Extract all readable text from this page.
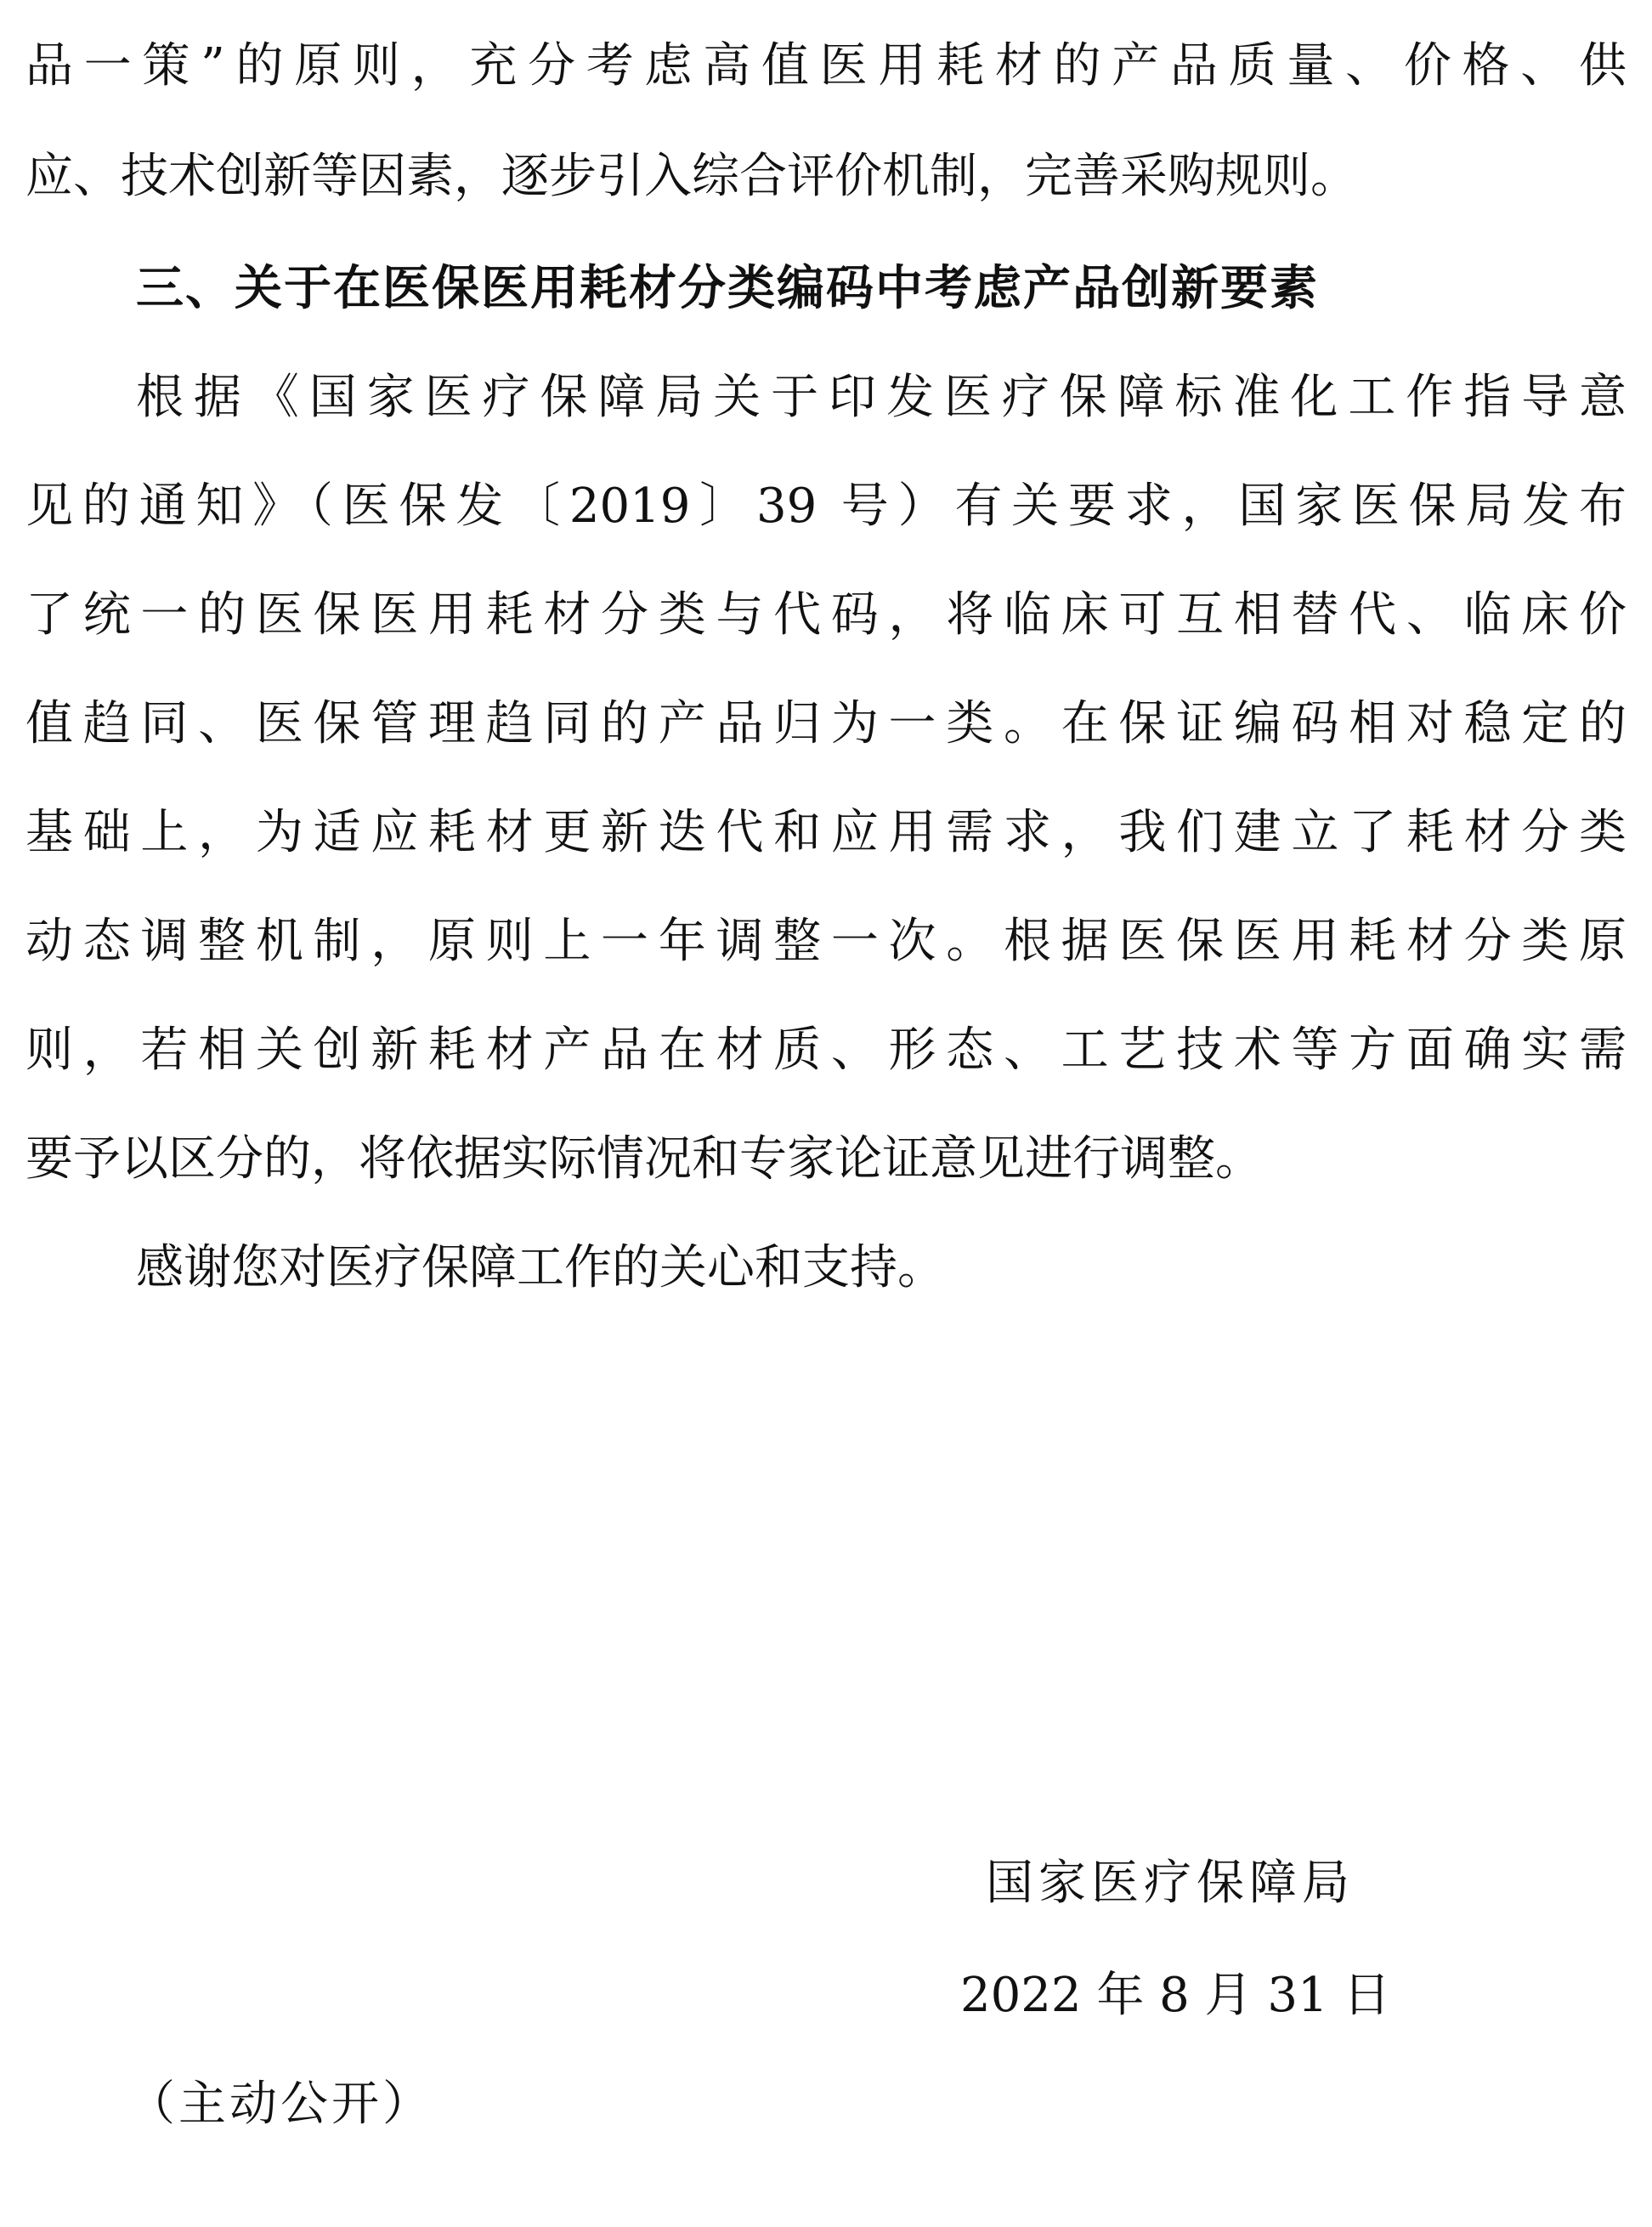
品一策”的原则，充分考虑高值医用耗材的产品质量、价格、供
应、技术创新等因素，逐步引入综合评价机制，完善采购规则。
三、关于在医保医用耗材分类编码中考虑产品创新要素
根据《国家医疗保障局关于印发医疗保障标准化工作指导意
见的通知》（医保发〔2019〕39 号）有关要求，国家医保局发布
了统一的医保医用耗材分类与代码，将临床可互相替代、临床价
值趋同、医保管理趋同的产品归为一类。在保证编码相对稳定的
基础上，为适应耗材更新迭代和应用需求，我们建立了耗材分类
动态调整机制，原则上一年调整一次。根据医保医用耗材分类原
则，若相关创新耗材产品在材质、形态、工艺技术等方面确实需
要予以区分的，将依据实际情况和专家论证意见进行调整。
感谢您对医疗保障工作的关心和支持。
国家医疗保障局
2022 年 8 月 31 日
（主动公开）
